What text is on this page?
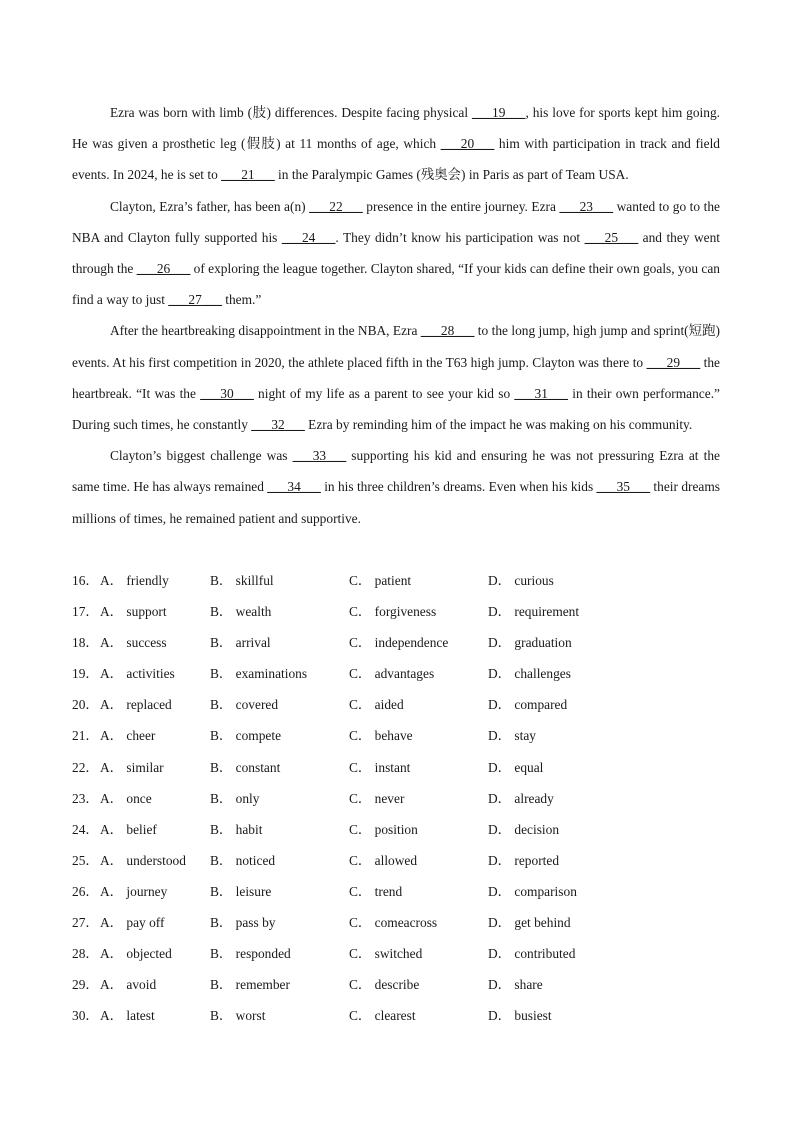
Ezra was born with limb (肢) differences. Despite facing physical ___19___, his love for sports kept him going. He was given a prosthetic leg (假肢) at 11 months of age, which ___20___ him with participation in track and field events. In 2024, he is set to ___21___ in the Paralympic Games (残奥会) in Paris as part of Team USA.

Clayton, Ezra’s father, has been a(n) ___22___ presence in the entire journey. Ezra ___23___ wanted to go to the NBA and Clayton fully supported his ___24___. They didn’t know his participation was not ___25___ and they went through the ___26___ of exploring the league together. Clayton shared, “If your kids can define their own goals, you can find a way to just ___27___ them.”

After the heartbreaking disappointment in the NBA, Ezra ___28___ to the long jump, high jump and sprint(短跑) events. At his first competition in 2020, the athlete placed fifth in the T63 high jump. Clayton was there to ___29___ the heartbreak. “It was the ___30___ night of my life as a parent to see your kid so ___31___ in their own performance.” During such times, he constantly ___32___ Ezra by reminding him of the impact he was making on his community.

Clayton’s biggest challenge was ___33___ supporting his kid and ensuring he was not pressuring Ezra at the same time. He has always remained ___34___ in his three children’s dreams. Even when his kids ___35___ their dreams millions of times, he remained patient and supportive.

16． A． friendly	B． skillful	C． patient	D． curious
17． A． support	B． wealth	C． forgiveness	D． requirement
18． A． success	B． arrival	C． independence	D． graduation
19． A． activities	B． examinations	C． advantages	D． challenges
20． A． replaced	B． covered	C． aided	D． compared
21． A． cheer	B． compete	C． behave	D． stay
22． A． similar	B． constant	C． instant	D． equal
23． A． once	B． only	C． never	D． already
24． A． belief	B． habit	C． position	D． decision
25． A． understood B． noticed	C． allowed	D． reported
26． A． journey	B． leisure	C． trend	D． comparison
27． A． pay off	B． pass by	C． comeacross	D． get behind
28． A． objected	B． responded	C． switched	D． contributed
29． A． avoid	B． remember	C． describe	D． share
30． A． latest	B． worst	C． clearest	D． busiest
